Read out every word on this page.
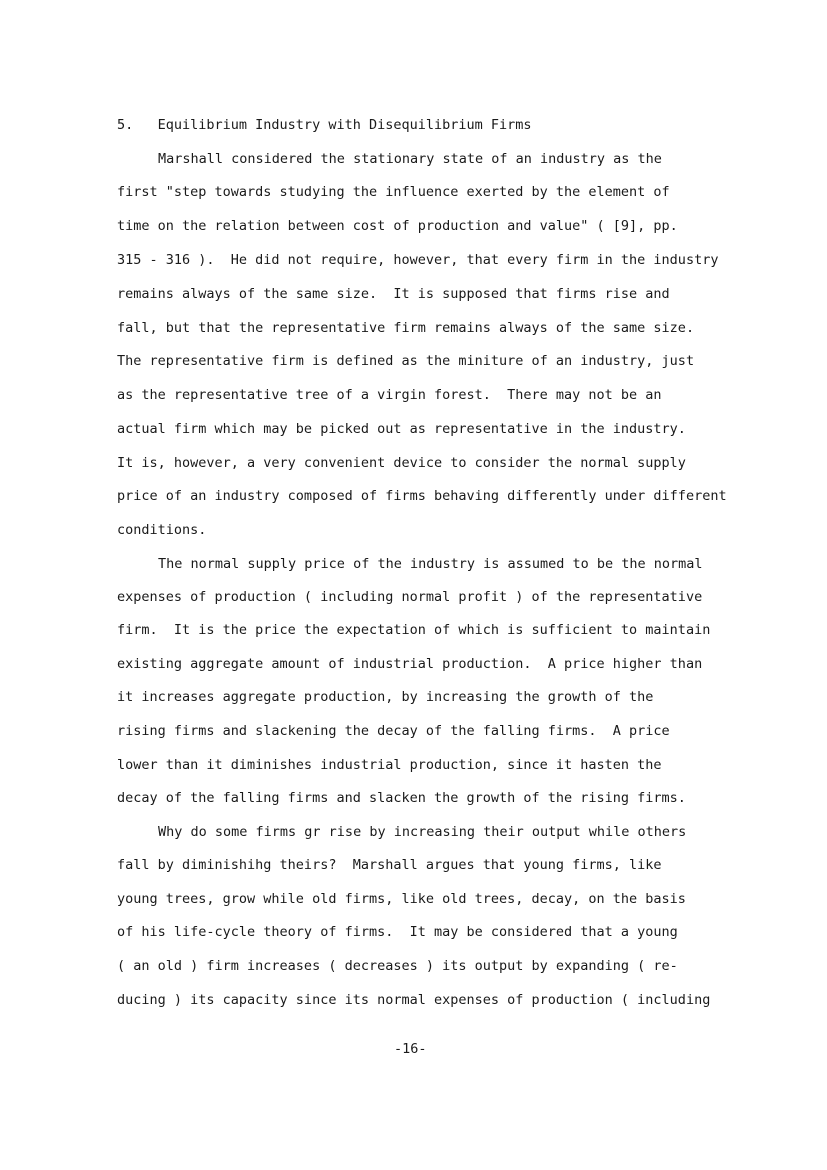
5.   Equilibrium Industry with Disequilibrium Firms
Marshall considered the stationary state of an industry as the
first "step towards studying the influence exerted by the element of
time on the relation between cost of production and value" ( [9], pp.
315 - 316 ).  He did not require, however, that every firm in the industry
remains always of the same size.  It is supposed that firms rise and
fall, but that the representative firm remains always of the same size.
The representative firm is defined as the miniture of an industry, just
as the representative tree of a virgin forest.  There may not be an
actual firm which may be picked out as representative in the industry.
It is, however, a very convenient device to consider the normal supply
price of an industry composed of firms behaving differently under different
conditions.
The normal supply price of the industry is assumed to be the normal
expenses of production ( including normal profit ) of the representative
firm.  It is the price the expectation of which is sufficient to maintain
existing aggregate amount of industrial production.  A price higher than
it increases aggregate production, by increasing the growth of the
rising firms and slackening the decay of the falling firms.  A price
lower than it diminishes industrial production, since it hasten the
decay of the falling firms and slacken the growth of the rising firms.
Why do some firms gr rise by increasing their output while others
fall by diminishihg theirs?  Marshall argues that young firms, like
young trees, grow while old firms, like old trees, decay, on the basis
of his life-cycle theory of firms.  It may be considered that a young
( an old ) firm increases ( decreases ) its output by expanding ( re-
ducing ) its capacity since its normal expenses of production ( including
-16-
